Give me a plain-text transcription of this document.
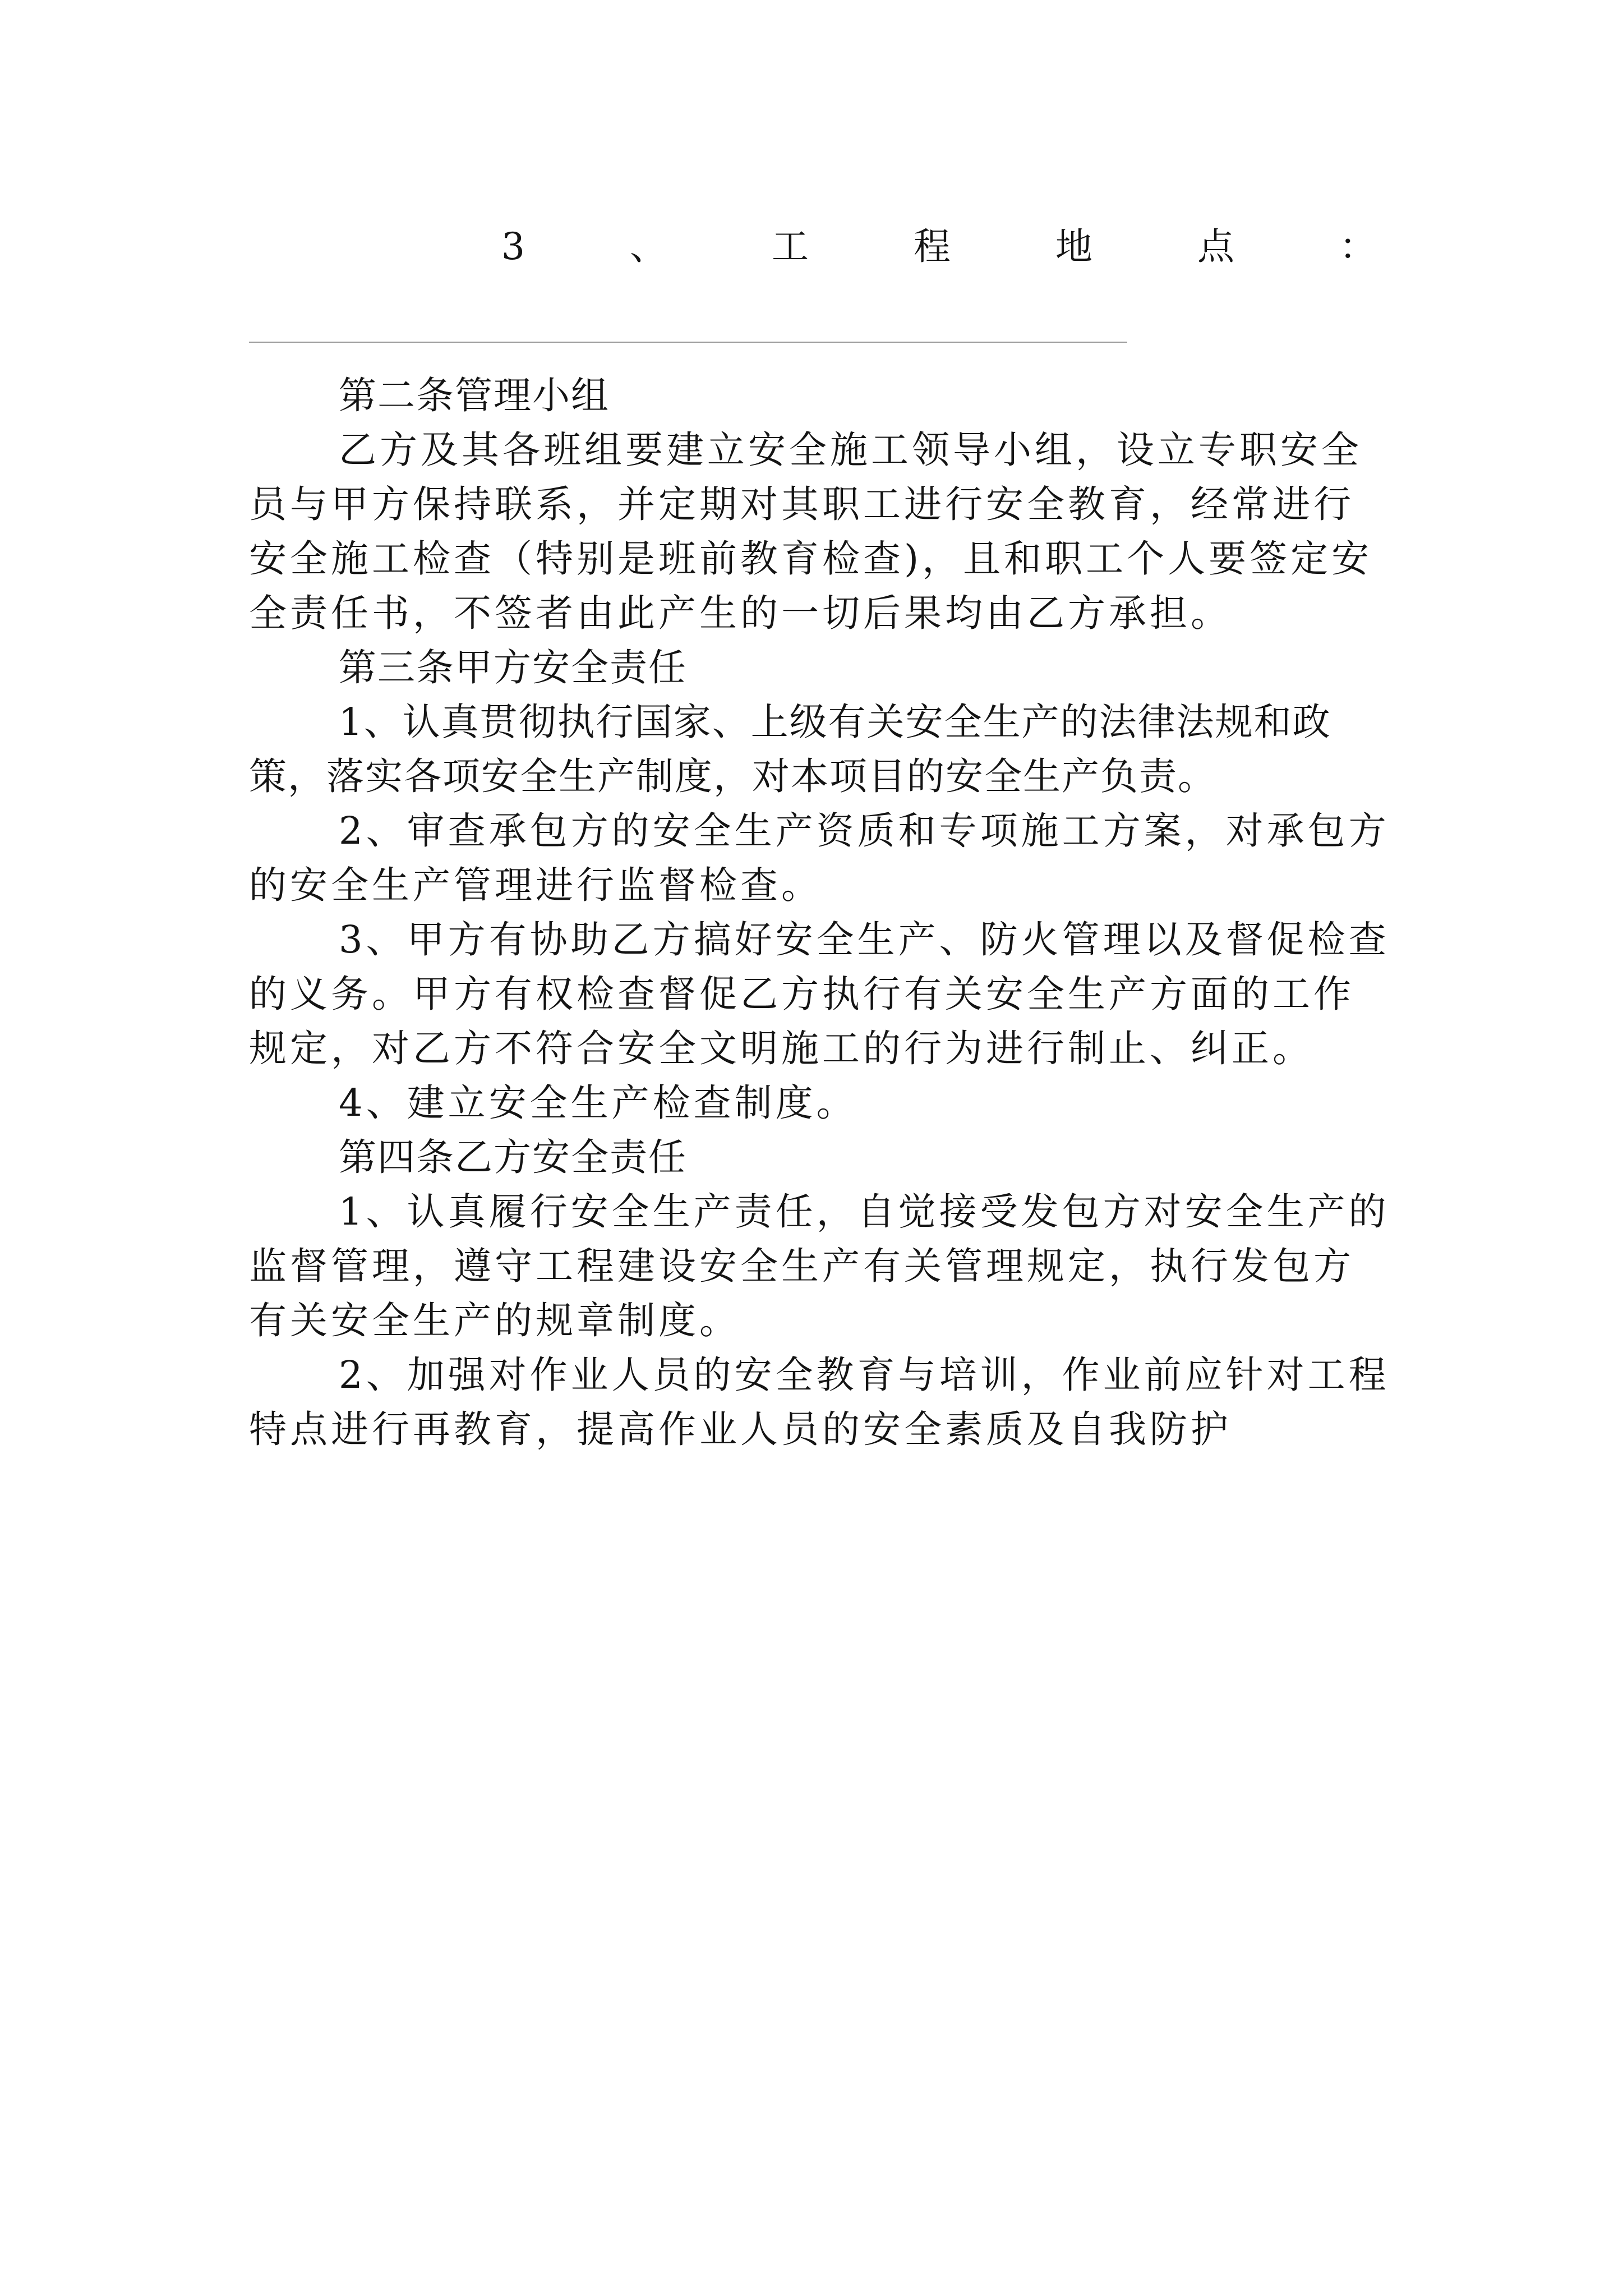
3	、	工	程	地	点	：

第二条管理小组

乙方及其各班组要建立安全施工领导小组，设立专职安全员与甲方保持联系，并定期对其职工进行安全教育，经常进行安全施工检查（特别是班前教育检查)，且和职工个人要签定安全责任书，不签者由此产生的一切后果均由乙方承担。

第三条甲方安全责任

1、认真贯彻执行国家、上级有关安全生产的法律法规和政策，落实各项安全生产制度，对本项目的安全生产负责。

2、审查承包方的安全生产资质和专项施工方案，对承包方的安全生产管理进行监督检查。

3、甲方有协助乙方搞好安全生产、防火管理以及督促检查的义务。甲方有权检查督促乙方执行有关安全生产方面的工作规定，对乙方不符合安全文明施工的行为进行制止、纠正。

4、建立安全生产检查制度。

第四条乙方安全责任

1、认真履行安全生产责任，自觉接受发包方对安全生产的监督管理，遵守工程建设安全生产有关管理规定，执行发包方有关安全生产的规章制度。

2、加强对作业人员的安全教育与培训，作业前应针对工程特点进行再教育，提高作业人员的安全素质及自我防护
